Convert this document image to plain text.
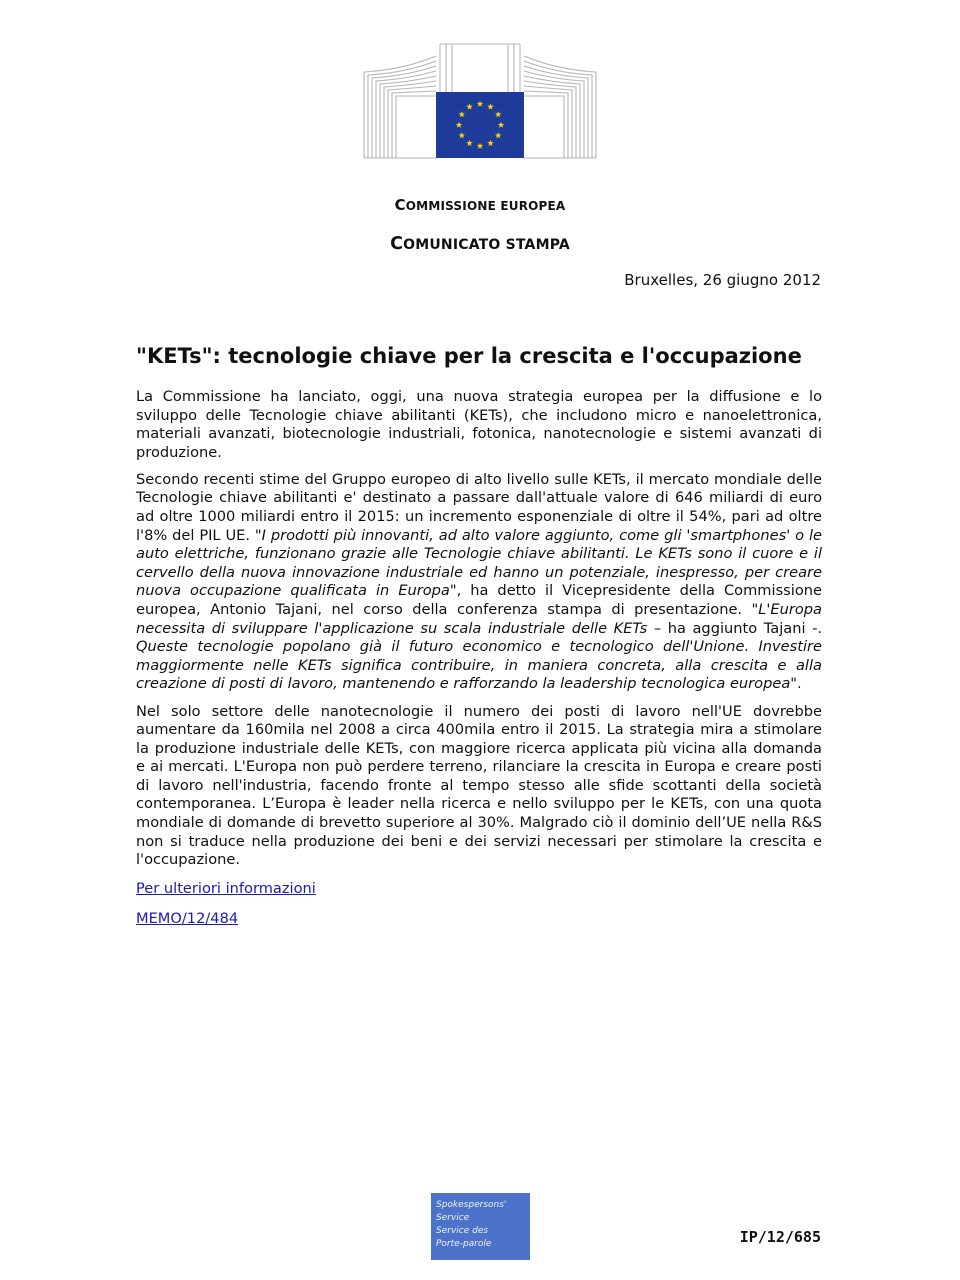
COMMISSIONE EUROPEA
COMUNICATO STAMPA
Bruxelles, 26 giugno 2012
"KETs": tecnologie chiave per la crescita e l'occupazione

La Commissione ha lanciato, oggi, una nuova strategia europea per la diffusione e lo sviluppo delle Tecnologie chiave abilitanti (KETs), che includono micro e nanoelettronica, materiali avanzati, biotecnologie industriali, fotonica, nanotecnologie e sistemi avanzati di produzione.

Secondo recenti stime del Gruppo europeo di alto livello sulle KETs, il mercato mondiale delle Tecnologie chiave abilitanti e' destinato a passare dall'attuale valore di 646 miliardi di euro ad oltre 1000 miliardi entro il 2015: un incremento esponenziale di oltre il 54%, pari ad oltre l'8% del PIL UE. "I prodotti più innovanti, ad alto valore aggiunto, come gli 'smartphones' o le auto elettriche, funzionano grazie alle Tecnologie chiave abilitanti. Le KETs sono il cuore e il cervello della nuova innovazione industriale ed hanno un potenziale, inespresso, per creare nuova occupazione qualificata in Europa", ha detto il Vicepresidente della Commissione europea, Antonio Tajani, nel corso della conferenza stampa di presentazione. "L'Europa necessita di sviluppare l'applicazione su scala industriale delle KETs – ha aggiunto Tajani -. Queste tecnologie popolano già il futuro economico e tecnologico dell'Unione. Investire maggiormente nelle KETs significa contribuire, in maniera concreta, alla crescita e alla creazione di posti di lavoro, mantenendo e rafforzando la leadership tecnologica europea".

Nel solo settore delle nanotecnologie il numero dei posti di lavoro nell'UE dovrebbe aumentare da 160mila nel 2008 a circa 400mila entro il 2015. La strategia mira a stimolare la produzione industriale delle KETs, con maggiore ricerca applicata più vicina alla domanda e ai mercati. L'Europa non può perdere terreno, rilanciare la crescita in Europa e creare posti di lavoro nell'industria, facendo fronte al tempo stesso alle sfide scottanti della società contemporanea. L’Europa è leader nella ricerca e nello sviluppo per le KETs, con una quota mondiale di domande di brevetto superiore al 30%. Malgrado ciò il dominio dell’UE nella R&S non si traduce nella produzione dei beni e dei servizi necessari per stimolare la crescita e l'occupazione.

Per ulteriori informazioni

MEMO/12/484

Spokespersons'
Service
Service des
Porte-parole	IP/12/685
